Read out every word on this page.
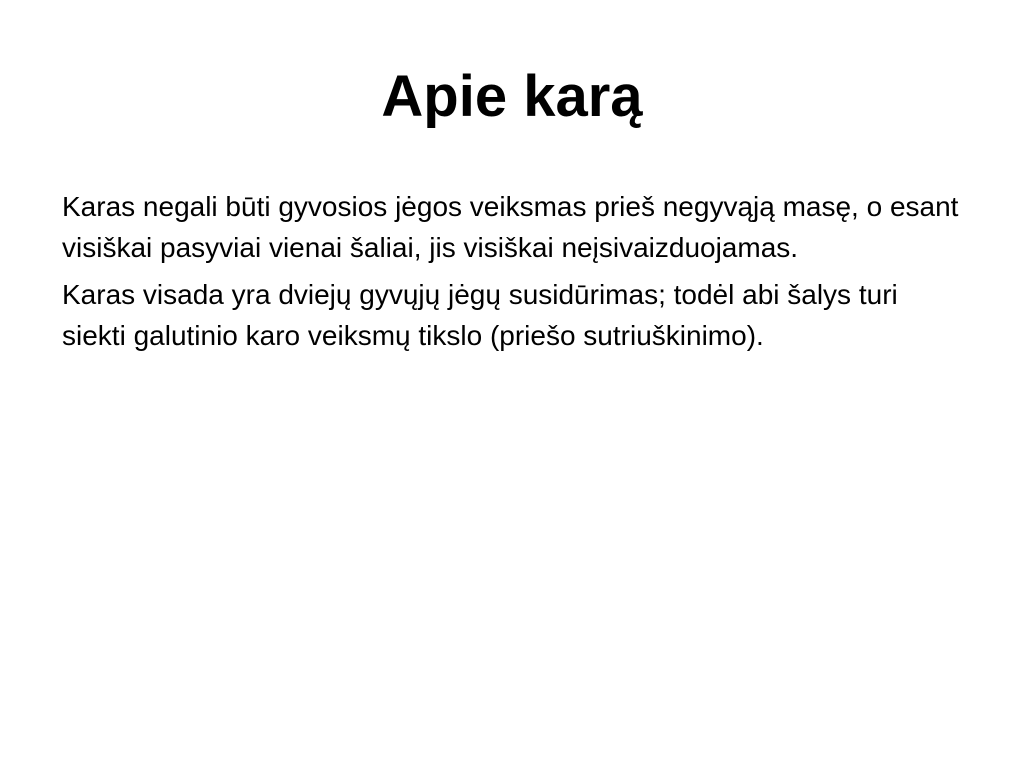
Apie karą

Karas negali būti gyvosios jėgos veiksmas prieš negyvąją masę, o esant visiškai pasyviai vienai šaliai, jis visiškai neįsivaizduojamas.

Karas visada yra dviejų gyvųjų jėgų susidūrimas; todėl abi šalys turi siekti galutinio karo veiksmų tikslo (priešo sutriuškinimo).
